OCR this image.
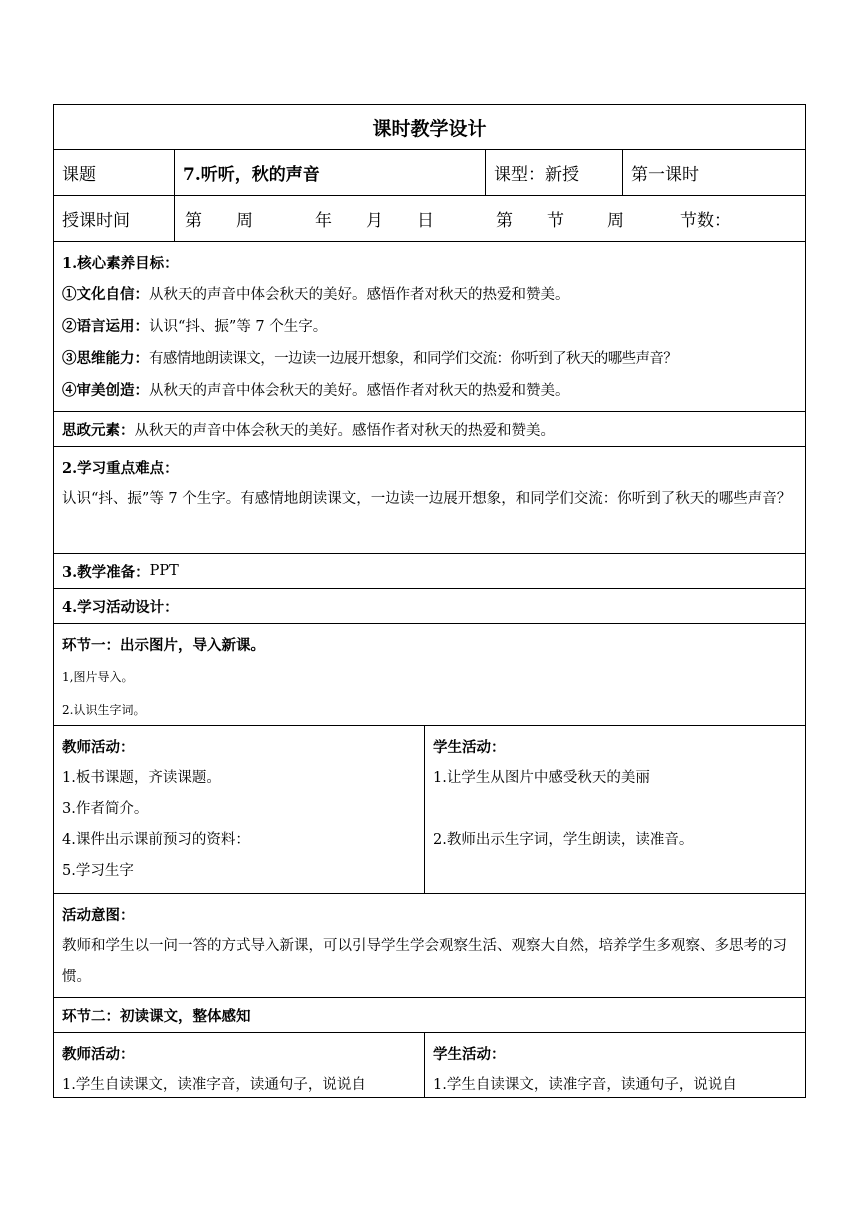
课时教学设计
课题	7.听听，秋的声音	课型：新授	第一课时
授课时间	第　　周	年 月 日	第　　节	周	节数：
1.核心素养目标：
①文化自信：从秋天的声音中体会秋天的美好。感悟作者对秋天的热爱和赞美。
②语言运用：认识“抖、振”等 7 个生字。
③思维能力：有感情地朗读课文，一边读一边展开想象，和同学们交流：你听到了秋天的哪些声音？
④审美创造：从秋天的声音中体会秋天的美好。感悟作者对秋天的热爱和赞美。
思政元素： 从秋天的声音中体会秋天的美好。感悟作者对秋天的热爱和赞美。
2.学习重点难点：
认识“抖、振”等 7 个生字。有感情地朗读课文，一边读一边展开想象，和同学们交流：你听到了秋天的哪些声音？
3.教学准备： PPT
4.学习活动设计：
环节一：出示图片，导入新课。
1,图片导入。
2.认识生字词。
教师活动：
1.板书课题，齐读课题。
3.作者简介。
4.课件出示课前预习的资料：
5.学习生字
学生活动：
1.让学生从图片中感受秋天的美丽
2.教师出示生字词，学生朗读，读准音。
活动意图：
教师和学生以一问一答的方式导入新课，可以引导学生学会观察生活、观察大自然，培养学生多观察、多思考的习惯。
环节二：初读课文，整体感知
教师活动：
1.学生自读课文，读准字音，读通句子，说说自
学生活动：
1.学生自读课文，读准字音，读通句子，说说自
